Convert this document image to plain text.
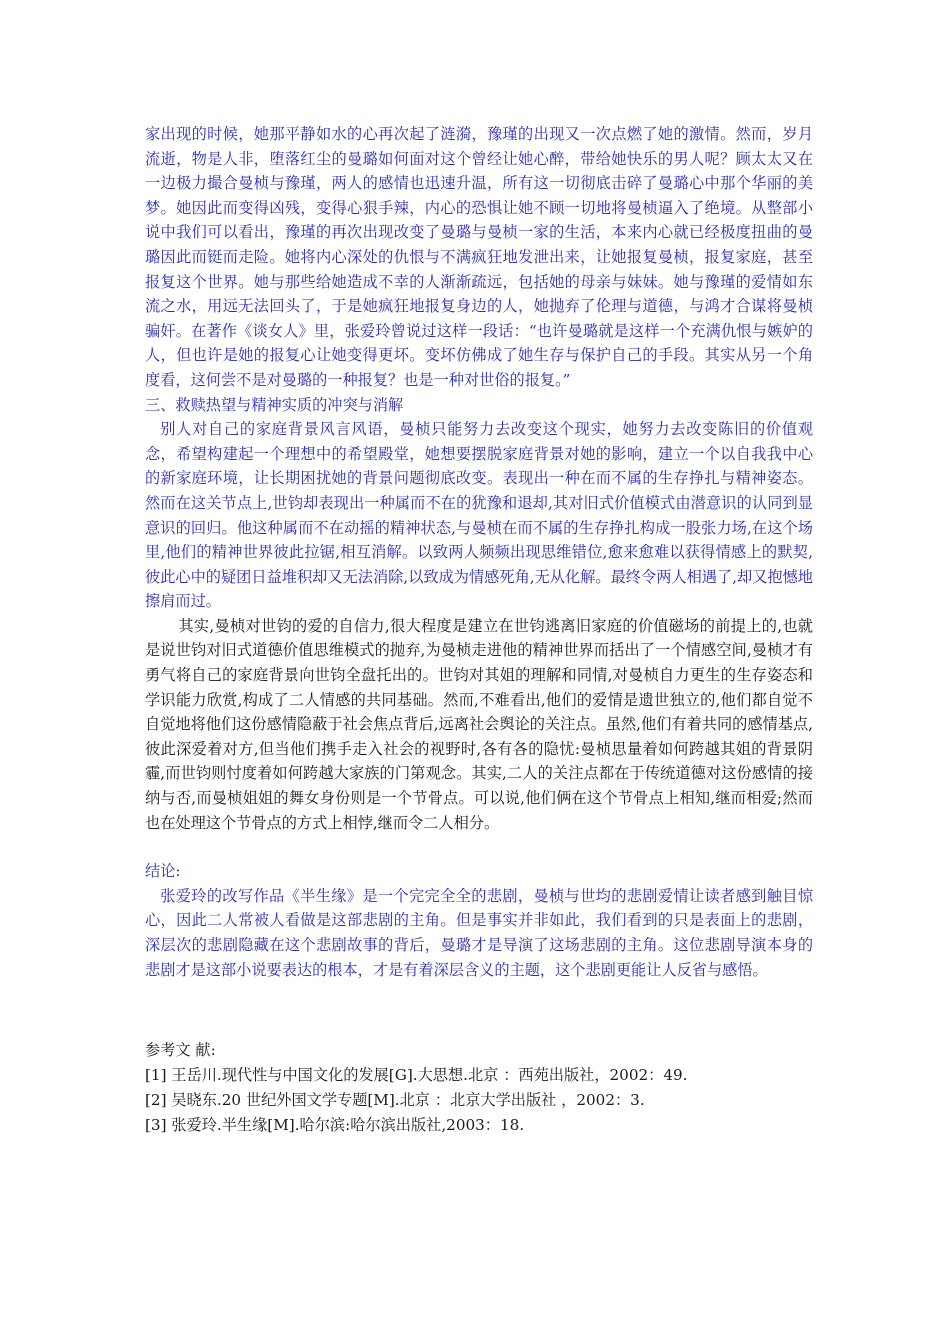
家出现的时候，她那平静如水的心再次起了涟漪，豫瑾的出现又一次点燃了她的激情。然而，岁月流逝，物是人非，堕落红尘的曼璐如何面对这个曾经让她心醉，带给她快乐的男人呢？顾太太又在一边极力撮合曼桢与豫瑾，两人的感情也迅速升温，所有这一切彻底击碎了曼璐心中那个华丽的美梦。她因此而变得凶残，变得心狠手辣，内心的恐惧让她不顾一切地将曼桢逼入了绝境。从整部小说中我们可以看出，豫瑾的再次出现改变了曼璐与曼桢一家的生活，本来内心就已经极度扭曲的曼璐因此而铤而走险。她将内心深处的仇恨与不满疯狂地发泄出来，让她报复曼桢，报复家庭，甚至报复这个世界。她与那些给她造成不幸的人渐渐疏远，包括她的母亲与妹妹。她与豫瑾的爱情如东流之水，用远无法回头了，于是她疯狂地报复身边的人，她抛弃了伦理与道德，与鸿才合谋将曼桢骗奸。在著作《谈女人》里，张爱玲曾说过这样一段话：“也许曼璐就是这样一个充满仇恨与嫉妒的人，但也许是她的报复心让她变得更坏。变坏仿佛成了她生存与保护自己的手段。其实从另一个角度看，这何尝不是对曼璐的一种报复？也是一种对世俗的报复。”

三、救赎热望与精神实质的冲突与消解

别人对自己的家庭背景风言风语，曼桢只能努力去改变这个现实，她努力去改变陈旧的价值观念，希望构建起一个理想中的希望殿堂，她想要摆脱家庭背景对她的影响，建立一个以自我我中心的新家庭环境，让长期困扰她的背景问题彻底改变。表现出一种在而不属的生存挣扎与精神姿态。然而在这关节点上,世钧却表现出一种属而不在的犹豫和退却,其对旧式价值模式由潜意识的认同到显意识的回归。他这种属而不在动摇的精神状态,与曼桢在而不属的生存挣扎构成一股张力场,在这个场里,他们的精神世界彼此拉锯,相互消解。以致两人频频出现思维错位,愈来愈难以获得情感上的默契,彼此心中的疑团日益堆积却又无法消除,以致成为情感死角,无从化解。最终令两人相遇了,却又抱憾地擦肩而过。

其实,曼桢对世钧的爱的自信力,很大程度是建立在世钧逃离旧家庭的价值磁场的前提上的,也就是说世钧对旧式道德价值思维模式的抛弃,为曼桢走进他的精神世界而括出了一个情感空间,曼桢才有勇气将自己的家庭背景向世钧全盘托出的。世钧对其姐的理解和同情,对曼桢自力更生的生存姿态和学识能力欣赏,构成了二人情感的共同基础。然而,不难看出,他们的爱情是遗世独立的,他们都自觉不自觉地将他们这份感情隐蔽于社会焦点背后,远离社会舆论的关注点。虽然,他们有着共同的感情基点,彼此深爱着对方,但当他们携手走入社会的视野时,各有各的隐忧:曼桢思量着如何跨越其姐的背景阴霾,而世钧则忖度着如何跨越大家族的门第观念。其实,二人的关注点都在于传统道德对这份感情的接纳与否,而曼桢姐姐的舞女身份则是一个节骨点。可以说,他们俩在这个节骨点上相知,继而相爱;然而也在处理这个节骨点的方式上相悖,继而令二人相分。

结论:

张爱玲的改写作品《半生缘》是一个完完全全的悲剧，曼桢与世均的悲剧爱情让读者感到触目惊心，因此二人常被人看做是这部悲剧的主角。但是事实并非如此，我们看到的只是表面上的悲剧，深层次的悲剧隐藏在这个悲剧故事的背后，曼璐才是导演了这场悲剧的主角。这位悲剧导演本身的悲剧才是这部小说要表达的根本，才是有着深层含义的主题，这个悲剧更能让人反省与感悟。

参考文 献:
[1] 王岳川.现代性与中国文化的发展[G].大思想.北京 ：西苑出版社，2002：49.
[2] 吴晓东.20 世纪外国文学专题[M].北京 ：北京大学出版社 ，2002：3.
[3] 张爱玲.半生缘[M].哈尔滨:哈尔滨出版社,2003：18.
